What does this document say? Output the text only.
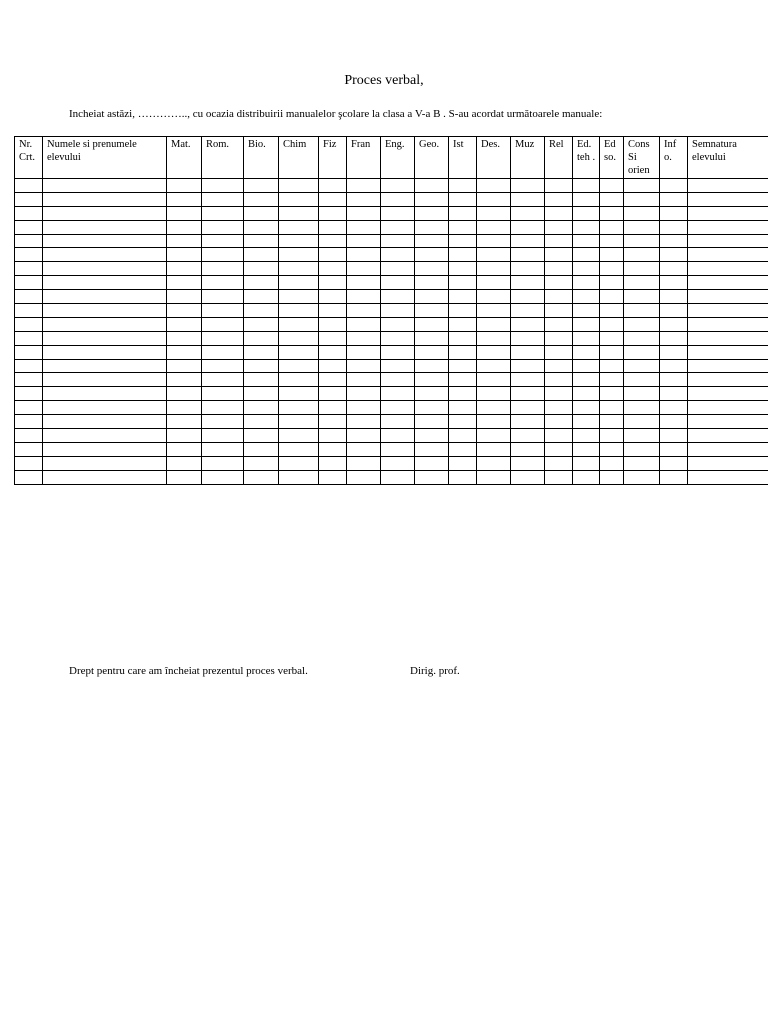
Proces verbal,
Incheiat astăzi, ………….., cu ocazia distribuirii manualelor şcolare la clasa a V-a B . S-au acordat următoarele manuale:
Nr. Crt.	Numele si prenumele elevului	Mat.	Rom.	Bio.	Chim	Fiz	Fran	Eng.	Geo.	Ist	Des.	Muz	Rel	Ed. teh .	Ed so.	Cons Si orien	Inf o.	Semnatura elevului

Drept pentru care am încheiat prezentul proces verbal.	Dirig. prof.
